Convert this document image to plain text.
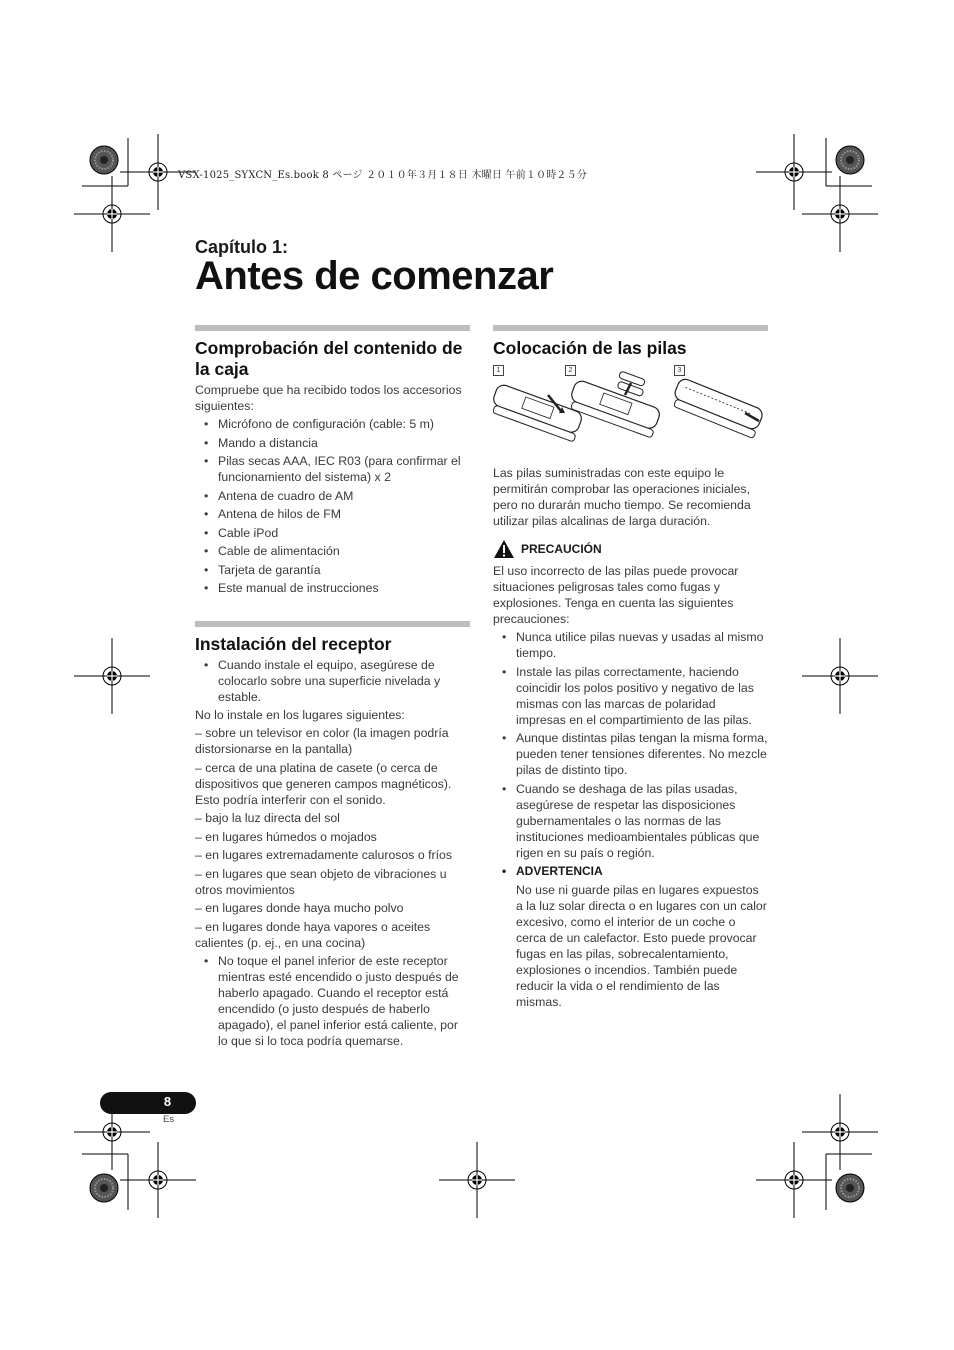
VSX-1025_SYXCN_Es.book 8 ページ ２０１０年３月１８日 木曜日 午前１０時２５分
Capítulo 1:
Antes de comenzar
Comprobación del contenido de la caja

Compruebe que ha recibido todos los accesorios siguientes:

• Micrófono de configuración (cable: 5 m)
• Mando a distancia
• Pilas secas AAA, IEC R03 (para confirmar el funcionamiento del sistema) x 2
• Antena de cuadro de AM
• Antena de hilos de FM
• Cable iPod
• Cable de alimentación
• Tarjeta de garantía
• Este manual de instrucciones
Instalación del receptor
• Cuando instale el equipo, asegúrese de colocarlo sobre una superficie nivelada y estable.

No lo instale en los lugares siguientes:

– sobre un televisor en color (la imagen podría distorsionarse en la pantalla)

– cerca de una platina de casete (o cerca de dispositivos que generen campos magnéticos). Esto podría interferir con el sonido.

– bajo la luz directa del sol

– en lugares húmedos o mojados

– en lugares extremadamente calurosos o fríos

– en lugares que sean objeto de vibraciones u otros movimientos

– en lugares donde haya mucho polvo

– en lugares donde haya vapores o aceites calientes (p. ej., en una cocina)

• No toque el panel inferior de este receptor mientras esté encendido o justo después de haberlo apagado. Cuando el receptor está encendido (o justo después de haberlo apagado), el panel inferior está caliente, por lo que si lo toca podría quemarse.
Colocación de las pilas
1	2	3

Las pilas suministradas con este equipo le permitirán comprobar las operaciones iniciales, pero no durarán mucho tiempo. Se recomienda utilizar pilas alcalinas de larga duración.

PRECAUCIÓN

El uso incorrecto de las pilas puede provocar situaciones peligrosas tales como fugas y explosiones. Tenga en cuenta las siguientes precauciones:

• Nunca utilice pilas nuevas y usadas al mismo tiempo.
• Instale las pilas correctamente, haciendo coincidir los polos positivo y negativo de las mismas con las marcas de polaridad impresas en el compartimiento de las pilas.
• Aunque distintas pilas tengan la misma forma, pueden tener tensiones diferentes. No mezcle pilas de distinto tipo.
• Cuando se deshaga de las pilas usadas, asegúrese de respetar las disposiciones gubernamentales o las normas de las instituciones medioambientales públicas que rigen en su país o región.
• ADVERTENCIA
No use ni guarde pilas en lugares expuestos a la luz solar directa o en lugares con un calor excesivo, como el interior de un coche o cerca de un calefactor. Esto puede provocar fugas en las pilas, sobrecalentamiento, explosiones o incendios. También puede reducir la vida o el rendimiento de las mismas.
8
Es
